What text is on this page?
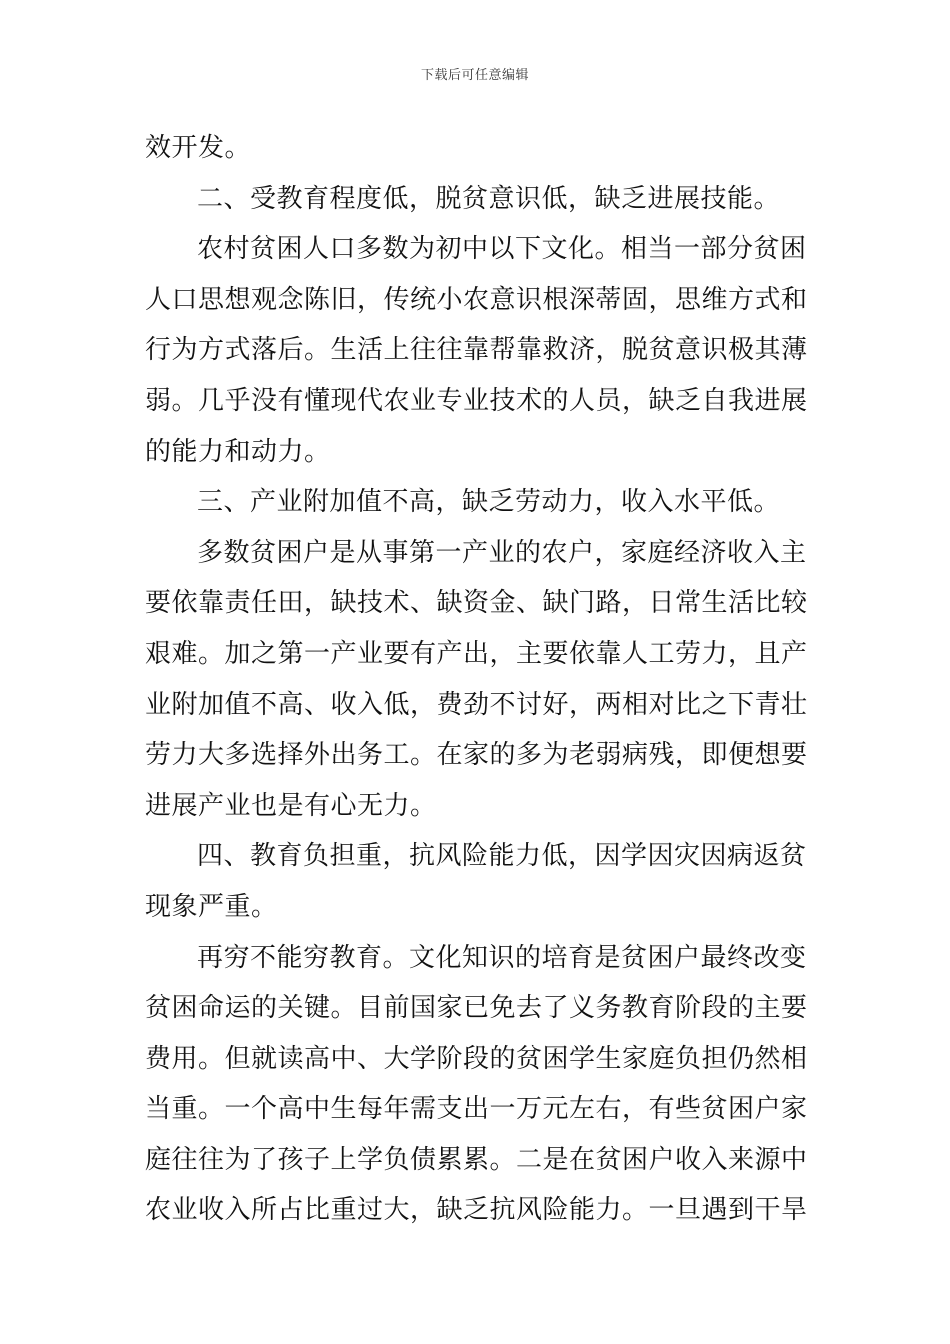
下载后可任意编辑
效开发。
二、受教育程度低，脱贫意识低，缺乏进展技能。
农村贫困人口多数为初中以下文化。相当一部分贫困
人口思想观念陈旧，传统小农意识根深蒂固，思维方式和
行为方式落后。生活上往往靠帮靠救济，脱贫意识极其薄
弱。几乎没有懂现代农业专业技术的人员，缺乏自我进展
的能力和动力。
三、产业附加值不高，缺乏劳动力，收入水平低。
多数贫困户是从事第一产业的农户，家庭经济收入主
要依靠责任田，缺技术、缺资金、缺门路，日常生活比较
艰难。加之第一产业要有产出，主要依靠人工劳力，且产
业附加值不高、收入低，费劲不讨好，两相对比之下青壮
劳力大多选择外出务工。在家的多为老弱病残，即便想要
进展产业也是有心无力。
四、教育负担重，抗风险能力低，因学因灾因病返贫
现象严重。
再穷不能穷教育。文化知识的培育是贫困户最终改变
贫困命运的关键。目前国家已免去了义务教育阶段的主要
费用。但就读高中、大学阶段的贫困学生家庭负担仍然相
当重。一个高中生每年需支出一万元左右，有些贫困户家
庭往往为了孩子上学负债累累。二是在贫困户收入来源中
农业收入所占比重过大，缺乏抗风险能力。一旦遇到干旱
